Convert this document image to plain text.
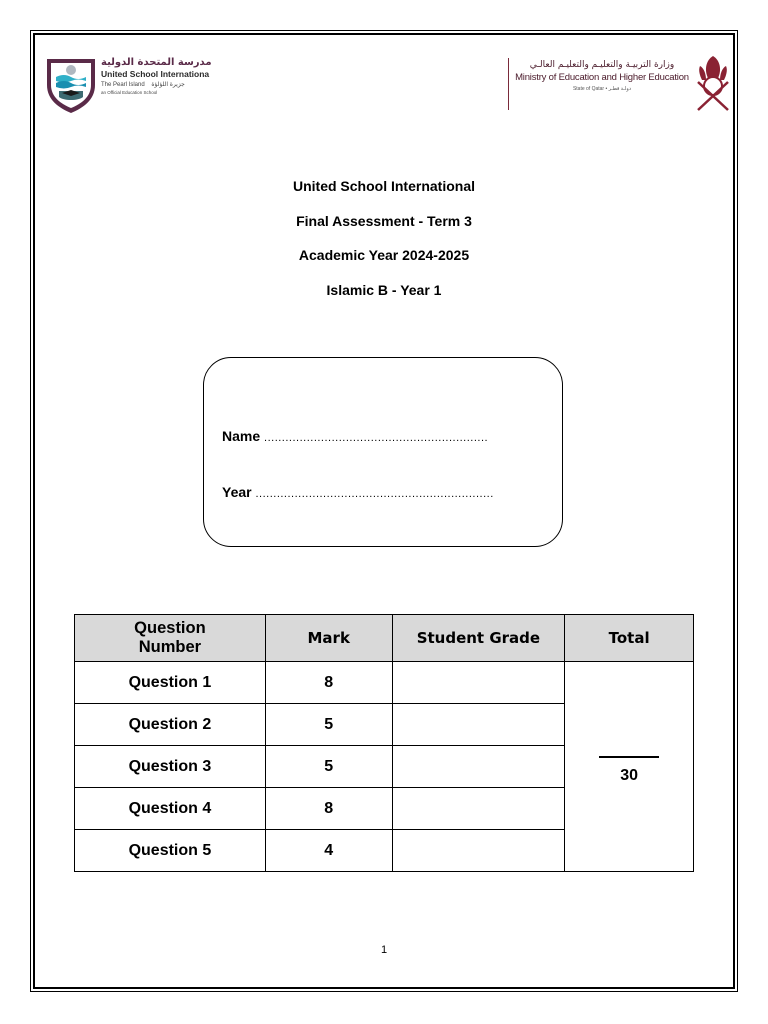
مدرسة المتحدة الدولية
United School Internationa
The Pearl Island جزيرة اللؤلؤة
an Official Education School
وزارة التربيـة والتعليـم والتعليـم العالـي
Ministry of Education and Higher Education
State of Qatar • دولـة قطـر
United School International
Final Assessment - Term 3
Academic Year 2024-2025
Islamic B - Year 1
Name ...............................................................
Year ...................................................................
Question Number	Mark	Student Grade	Total
Question 1	8		30

Question 2	5		
Question 3	5		
Question 4	8		
Question 5	4		
1
